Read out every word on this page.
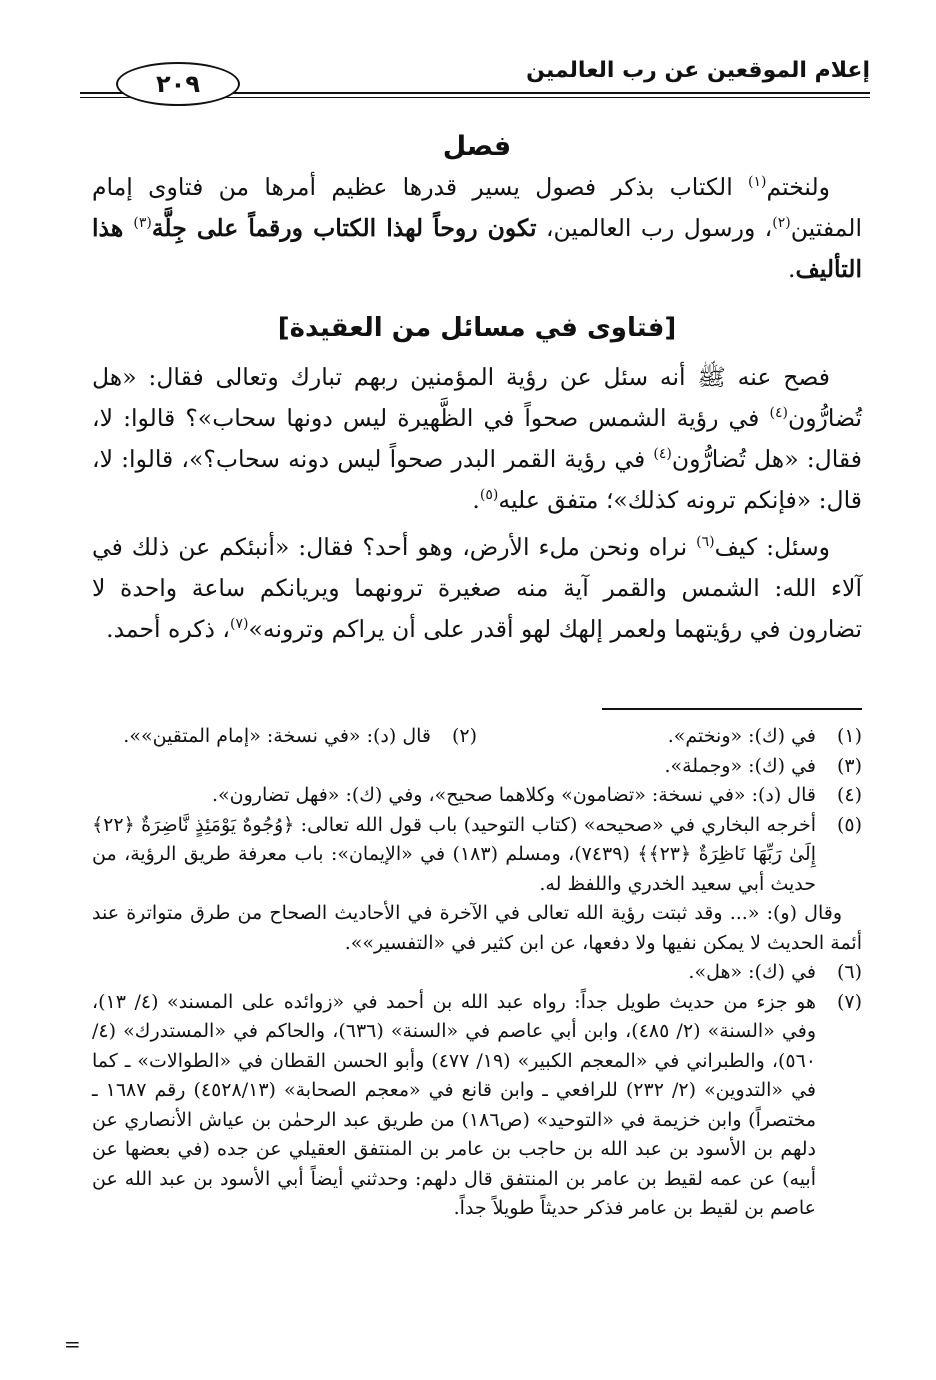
إعلام الموقعين عن رب العالمين
٢٠٩
فصل

ولنختم$^{(١)}$ الكتاب بذكر فصول يسير قدرها عظيم أمرها من فتاوى إمام المفتين$^{(٢)}$، ورسول رب العالمين، تكون روحاً لهذا الكتاب ورقماً على جِلَّة$^{(٣)}$ هذا التأليف.

[فتاوى في مسائل من العقيدة]

فصح عنه ﷺ أنه سئل عن رؤية المؤمنين ربهم تبارك وتعالى فقال: «هل تُضارُّون$^{(٤)}$ في رؤية الشمس صحواً في الظَّهيرة ليس دونها سحاب»؟ قالوا: لا، فقال: «هل تُضارُّون$^{(٤)}$ في رؤية القمر البدر صحواً ليس دونه سحاب؟»، قالوا: لا، قال: «فإنكم ترونه كذلك»؛ متفق عليه$^{(٥)}$.

وسئل: كيف$^{(٦)}$ نراه ونحن ملء الأرض، وهو أحد؟ فقال: «أنبئكم عن ذلك في آلاء الله: الشمس والقمر آية منه صغيرة ترونهما ويريانكم ساعة واحدة لا تضارون في رؤيتهما ولعمر إلهك لهو أقدر على أن يراكم وترونه»$^{(٧)}$، ذكره أحمد.

(١)
في (ك): «ونختم».
(٢)
قال (د): «في نسخة: «إمام المتقين»».
(٣)
في (ك): «وجملة».
(٤)
قال (د): «في نسخة: «تضامون» وكلاهما صحيح»، وفي (ك): «فهل تضارون».
(٥)
أخرجه البخاري في «صحيحه» (كتاب التوحيد) باب قول الله تعالى: ﴿وُجُوهٌ يَوْمَئِذٍ نَّاضِرَةٌ ﴿٢٢﴾ إِلَىٰ رَبِّهَا نَاظِرَةٌ ﴿٢٣﴾﴾ (٧٤٣٩)، ومسلم (١٨٣) في «الإيمان»: باب معرفة طريق الرؤية، من حديث أبي سعيد الخدري واللفظ له.
وقال (و): «... وقد ثبتت رؤية الله تعالى في الآخرة في الأحاديث الصحاح من طرق متواترة عند أئمة الحديث لا يمكن نفيها ولا دفعها، عن ابن كثير في «التفسير»».
(٦)
في (ك): «هل».
(٧)
هو جزء من حديث طويل جداً: رواه عبد الله بن أحمد في «زوائده على المسند» (٤/ ١٣)، وفي «السنة» (٢/ ٤٨٥)، وابن أبي عاصم في «السنة» (٦٣٦)، والحاكم في «المستدرك» (٤/ ٥٦٠)، والطبراني في «المعجم الكبير» (١٩/ ٤٧٧) وأبو الحسن القطان في «الطوالات» ـ كما في «التدوين» (٢/ ٢٣٢) للرافعي ـ وابن قانع في «معجم الصحابة» (٤٥٢٨/١٣) رقم ١٦٨٧ ـ مختصراً) وابن خزيمة في «التوحيد» (ص١٨٦) من طريق عبد الرحمٰن بن عياش الأنصاري عن دلهم بن الأسود بن عبد الله بن حاجب بن عامر بن المنتفق العقيلي عن جده (في بعضها عن أبيه) عن عمه لقيط بن عامر بن المنتفق قال دلهم: وحدثني أيضاً أبي الأسود بن عبد الله عن عاصم بن لقيط بن عامر فذكر حديثاً طويلاً جداً.
=
